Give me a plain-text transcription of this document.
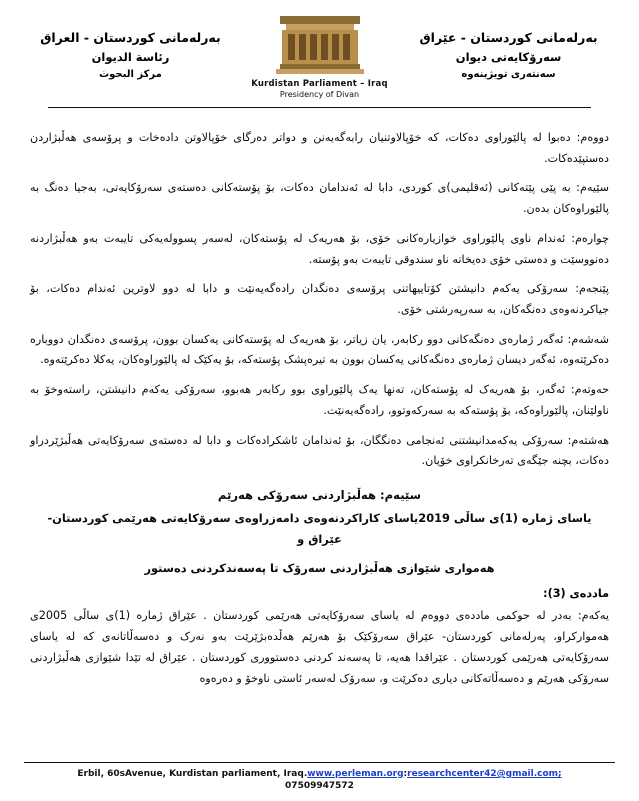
بەرلەمانی کوردستان - العراق
رئاسة الديوان
مركز البحوث
Kurdistan Parliament – Iraq
Presidency of Divan
بەرلەمانی کوردستان - عێراق
سەرۆکایەتی دیوان
سەنتەری تویژینەوە

دووەم: دەبوا لە پالێوراوی دەکات، کە خۆپالاوتنیان رابەگەیەنن و دواتر دەرگای خۆپالاوتن دادەخات و پرۆسەی هەڵبژاردن دەستپێدەکات.

سێیەم: بە پێی پێتەکانی (ئەقلیمی)ی کوردی، دابا لە ئەندامان دەکات، بۆ پۆستەکانی دەستەی سەرۆکایەتی، بەجیا دەنگ بە پالێوراوەکان بدەن.

چوارەم: ئەندام ناوی پالێوراوی خوازیارەکانی خۆی، بۆ هەریەک لە پۆستەکان، لەسەر پسوولەیەکی تایبەت بەو هەڵبژاردنە دەنووسێت و دەستی خۆی دەیخاتە ناو سندوقی تایبەت بەو پۆستە.

پێنجەم: سەرۆکی یەکەم دانیشتن کۆتاییهاتنی پرۆسەی دەنگدان رادەگەیەنێت و دابا لە دوو لاوترین ئەندام دەکات، بۆ جیاکردنەوەی دەنگەکان، بە سەرپەرشتی خۆی.

شەشەم: ئەگەر ژمارەی دەنگەکانی دوو رکابەر، یان زیاتر، بۆ هەریەک لە پۆستەکانی یەکسان بوون، پرۆسەی دەنگدان دووبارە دەکرێتەوە، ئەگەر دیسان ژمارەی دەنگەکانی یەکسان بوون بە تیرەپشک پۆستەکە، بۆ یەکێک لە پالێوراوەکان، یەکلا دەکرێتەوە.

حەوتەم: ئەگەر، بۆ هەریەک لە پۆستەکان، تەنها یەک پالێوراوی بوو رکابەر هەبوو، سەرۆکی یەکەم دانیشتن، راستەوخۆ بە ناولێنان، پالێوراوەکە، بۆ پۆستەکە بە سەرکەوتوو، رادەگەیەنێت.

هەشتەم: سەرۆکی یەکەمدانیشتنی ئەنجامی دەنگگان، بۆ ئەندامان ئاشکرادەکات و دابا لە دەستەی سەرۆکایەتی هەڵبژێردراو دەکات، بچنە جێگەی تەرخانکراوی خۆیان.

سێیەم: هەڵبژاردنی سەرۆکی هەرێم
یاسای ژمارە (1)ی ساڵی 2019یاسای کاراکردنەوەی دامەزراوەی سەرۆکایەتی هەرێمی کوردستان- عێراق و
هەمواری شێوازی هەڵبژاردنی سەرۆک تا پەسەندکردنی دەستور
ماددەی (3):

یەکەم: بەدر لە حوکمی ماددەی دووەم لە یاسای سەرۆکایەتی هەرێمی کوردستان . عێراق ژمارە (1)ی ساڵی 2005ی هەموارکراو، پەرلەمانی کوردستان- عێراق سەرۆکێک بۆ هەرێم هەڵدەبژێرێت بەو نەرک و دەسەڵاتانەی کە لە یاسای سەرۆکایەتی هەرێمی کوردستان . عێراقدا هەیە، تا پەسەند کردنی دەستووری کوردستان . عێراق لە تێدا شێوازی هەڵبژاردنی سەرۆکی هەرێم و دەسەڵاتەکانی دیاری دەکرێت و، سەرۆک لەسەر ئاستی ناوخۆ و دەرەوە

Erbil, 60sAvenue, Kurdistan parliament, Iraq.www.perleman.org:researchcenter42@gmail.com;
07509947572
